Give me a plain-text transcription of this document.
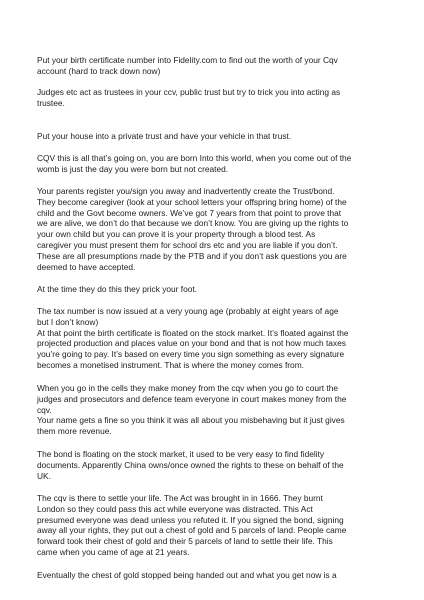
Put your birth certificate number into Fidelity.com to find out the worth of your Cqv
account (hard to track down now)

Judges etc act as trustees in your ccv, public trust but try to trick you into acting as
trustee.

Put your house into a private trust and have your vehicle in that trust.

CQV this is all that’s going on, you are born Into this world, when you come out of the
womb is just the day you were born but not created.

Your parents register you/sign you away and inadvertently create the Trust/bond.
They become caregiver (look at your school letters your offspring bring home) of the
child and the Govt become owners. We’ve got 7 years from that point to prove that
we are alive, we don’t do that because we don’t know. You are giving up the rights to
your own child but you can prove it is your property through a blood test. As
caregiver you must present them for school drs etc and you are liable if you don’t.
These are all presumptions made by the PTB and if you don’t ask questions you are
deemed to have accepted.

At the time they do this they prick your foot.

The tax number is now issued at a very young age (probably at eight years of age
but I don’t know)
At that point the birth certificate is floated on the stock market. It’s floated against the
projected production and places value on your bond and that is not how much taxes
you’re going to pay. It’s based on every time you sign something as every signature
becomes a monetised instrument. That is where the money comes from.

When you go in the cells they make money from the cqv when you go to court the
judges and prosecutors and defence team everyone in court makes money from the
cqv.
Your name gets a fine so you think it was all about you misbehaving but it just gives
them more revenue.

The bond is floating on the stock market, it used to be very easy to find fidelity
documents. Apparently China owns/once owned the rights to these on behalf of the
UK.

The cqv is there to settle your life. The Act was brought in in 1666. They burnt
London so they could pass this act while everyone was distracted. This Act
presumed everyone was dead unless you refuted it. If you signed the bond, signing
away all your rights, they put out a chest of gold and 5 parcels of land. People came
forward took their chest of gold and their 5 parcels of land to settle their life. This
came when you came of age at 21 years.

Eventually the chest of gold stopped being handed out and what you get now is a
